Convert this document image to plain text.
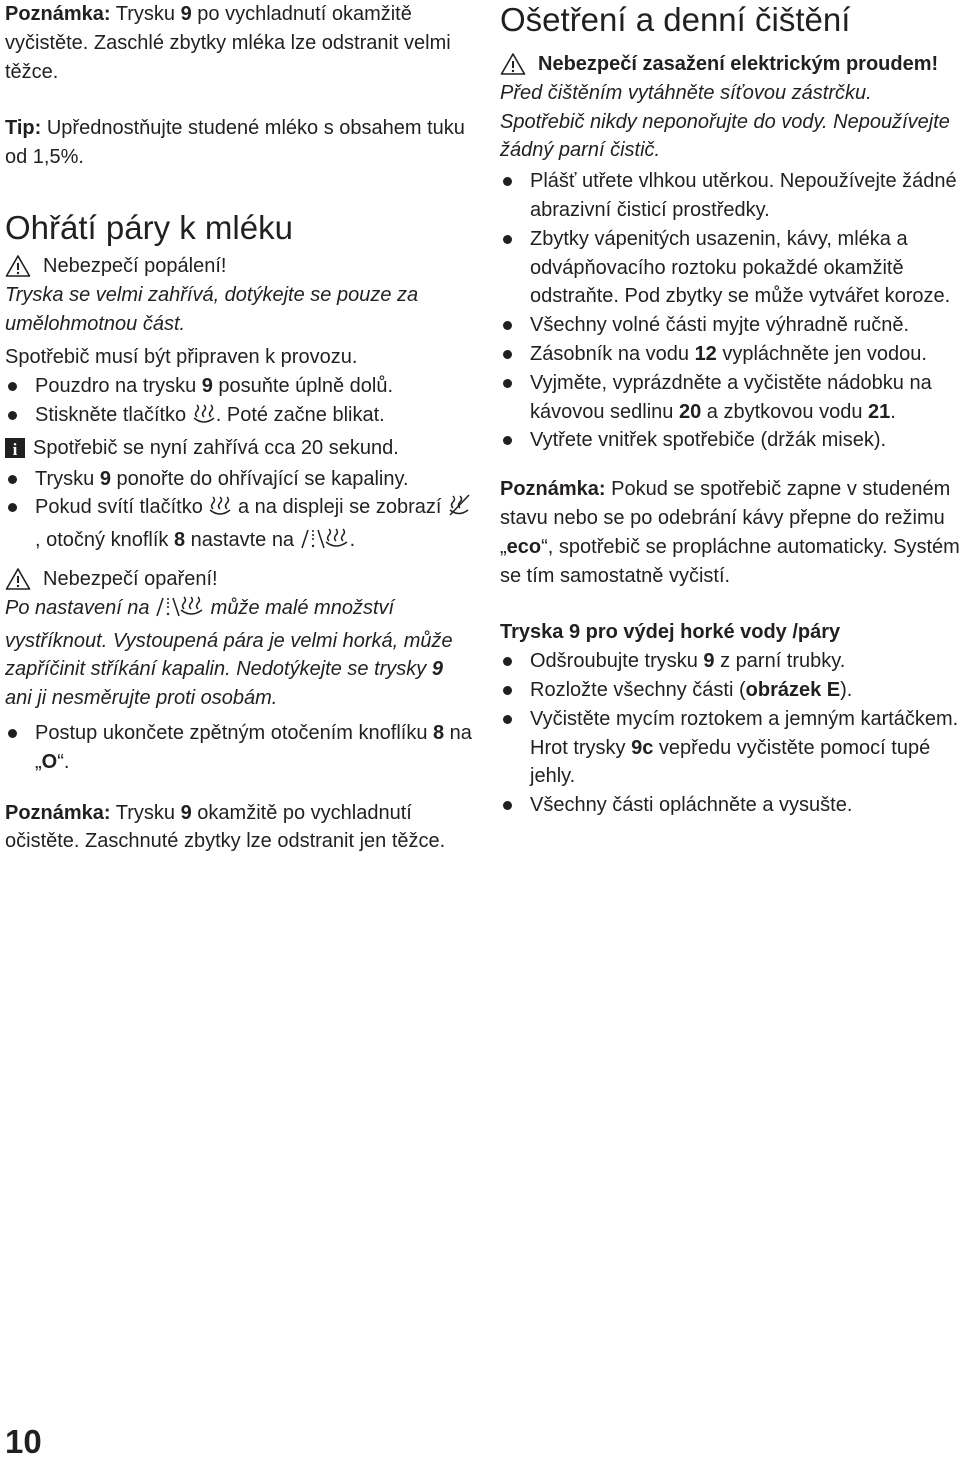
Poznámka: Trysku 9 po vychladnutí okamžitě vyčistěte. Zaschlé zbytky mléka lze odstranit velmi těžce.

Tip: Upřednostňujte studené mléko s obsahem tuku od 1,5%.

Ohřátí páry k mléku
Nebezpečí popálení!

Tryska se velmi zahřívá, dotýkejte se pouze za umělohmotnou část.

Spotřebič musí být připraven k provozu.

Pouzdro na trysku 9 posuňte úplně dolů.

Stiskněte tlačítko . Poté začne blikat.

i Spotřebič se nyní zahřívá cca 20 sekund.

Trysku 9 ponořte do ohřívající se kapaliny.

Pokud svítí tlačítko  a na displeji se zobrazí , otočný knoflík 8 nastavte na	.

Nebezpečí opaření!

Po nastavení na	může malé množství vystříknout. Vystoupená pára je velmi horká, může zapříčinit stříkání kapalin. Nedotýkejte se trysky 9 ani ji nesměrujte proti osobám.

Postup ukončete zpětným otočením knoflíku 8 na „O“.

Poznámka: Trysku 9 okamžitě po vychladnutí očistěte. Zaschnuté zbytky lze odstranit jen těžce.

Ošetření a denní čištění
Nebezpečí zasažení elektrickým proudem!

Před čištěním vytáhněte síťovou zástrčku. Spotřebič nikdy neponořujte do vody. Nepoužívejte žádný parní čistič.

Plášť utřete vlhkou utěrkou. Nepoužívejte žádné abrazivní čisticí prostředky.

Zbytky vápenitých usazenin, kávy, mléka a odvápňovacího roztoku pokaždé okamžitě odstraňte. Pod zbytky se může vytvářet koroze.

Všechny volné části myjte výhradně ručně.

Zásobník na vodu 12 vypláchněte jen vodou.

Vyjměte, vyprázdněte a vyčistěte nádobku na kávovou sedlinu 20 a zbytkovou vodu 21.

Vytřete vnitřek spotřebiče (držák misek).

Poznámka: Pokud se spotřebič zapne v studeném stavu nebo se po odebrání kávy přepne do režimu „eco“, spotřebič se propláchne automaticky. Systém se tím samostatně vyčistí.

Tryska 9 pro výdej horké vody /páry

Odšroubujte trysku 9 z parní trubky.

Rozložte všechny části (obrázek E).

Vyčistěte mycím roztokem a jemným kartáčkem. Hrot trysky 9c vepředu vyčistěte pomocí tupé jehly.

Všechny části opláchněte a vysušte.

10
